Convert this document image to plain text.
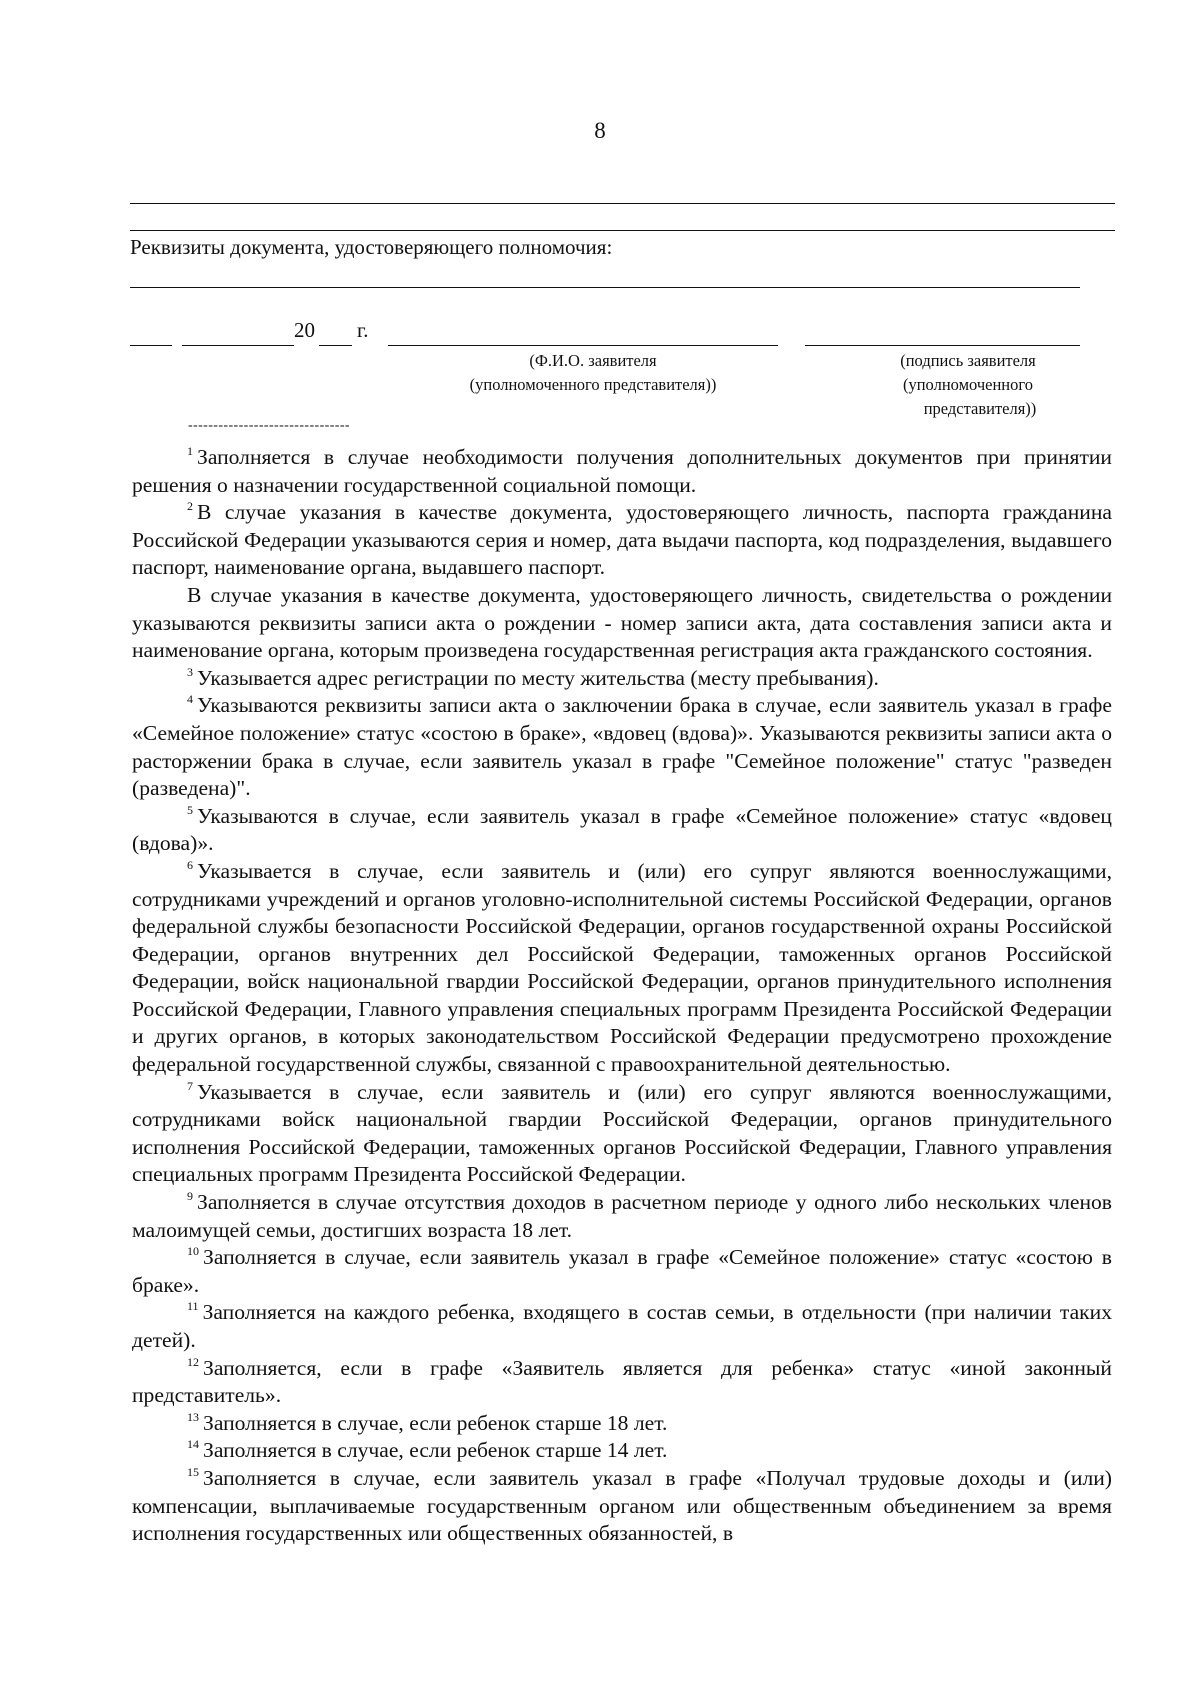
8
Реквизиты документа, удостоверяющего полномочия:
20 г.
(Ф.И.О. заявителя
(уполномоченного представителя))
(подпись заявителя
(уполномоченного
представителя))
--------------------------------

$^1$ Заполняется в случае необходимости получения дополнительных документов при принятии решения о назначении государственной социальной помощи.

$^2$ В случае указания в качестве документа, удостоверяющего личность, паспорта гражданина Российской Федерации указываются серия и номер, дата выдачи паспорта, код подразделения, выдавшего паспорт, наименование органа, выдавшего паспорт.

В случае указания в качестве документа, удостоверяющего личность, свидетельства о рождении указываются реквизиты записи акта о рождении - номер записи акта, дата составления записи акта и наименование органа, которым произведена государственная регистрация акта гражданского состояния.

$^3$ Указывается адрес регистрации по месту жительства (месту пребывания).

$^4$ Указываются реквизиты записи акта о заключении брака в случае, если заявитель указал в графе «Семейное положение» статус «состою в браке», «вдовец (вдова)». Указываются реквизиты записи акта о расторжении брака в случае, если заявитель указал в графе "Семейное положение" статус "разведен (разведена)".

$^5$ Указываются в случае, если заявитель указал в графе «Семейное положение» статус «вдовец (вдова)».

$^6$ Указывается в случае, если заявитель и (или) его супруг являются военнослужащими, сотрудниками учреждений и органов уголовно-исполнительной системы Российской Федерации, органов федеральной службы безопасности Российской Федерации, органов государственной охраны Российской Федерации, органов внутренних дел Российской Федерации, таможенных органов Российской Федерации, войск национальной гвардии Российской Федерации, органов принудительного исполнения Российской Федерации, Главного управления специальных программ Президента Российской Федерации и других органов, в которых законодательством Российской Федерации предусмотрено прохождение федеральной государственной службы, связанной с правоохранительной деятельностью.

$^7$ Указывается в случае, если заявитель и (или) его супруг являются военнослужащими, сотрудниками войск национальной гвардии Российской Федерации, органов принудительного исполнения Российской Федерации, таможенных органов Российской Федерации, Главного управления специальных программ Президента Российской Федерации.

$^9$ Заполняется в случае отсутствия доходов в расчетном периоде у одного либо нескольких членов малоимущей семьи, достигших возраста 18 лет.

$^{10}$ Заполняется в случае, если заявитель указал в графе «Семейное положение» статус «состою в браке».

$^{11}$ Заполняется на каждого ребенка, входящего в состав семьи, в отдельности (при наличии таких детей).

$^{12}$ Заполняется, если в графе «Заявитель является для ребенка» статус «иной законный представитель».

$^{13}$ Заполняется в случае, если ребенок старше 18 лет.

$^{14}$ Заполняется в случае, если ребенок старше 14 лет.

$^{15}$ Заполняется в случае, если заявитель указал в графе «Получал трудовые доходы и (или) компенсации, выплачиваемые государственным органом или общественным объединением за время исполнения государственных или общественных обязанностей, в
